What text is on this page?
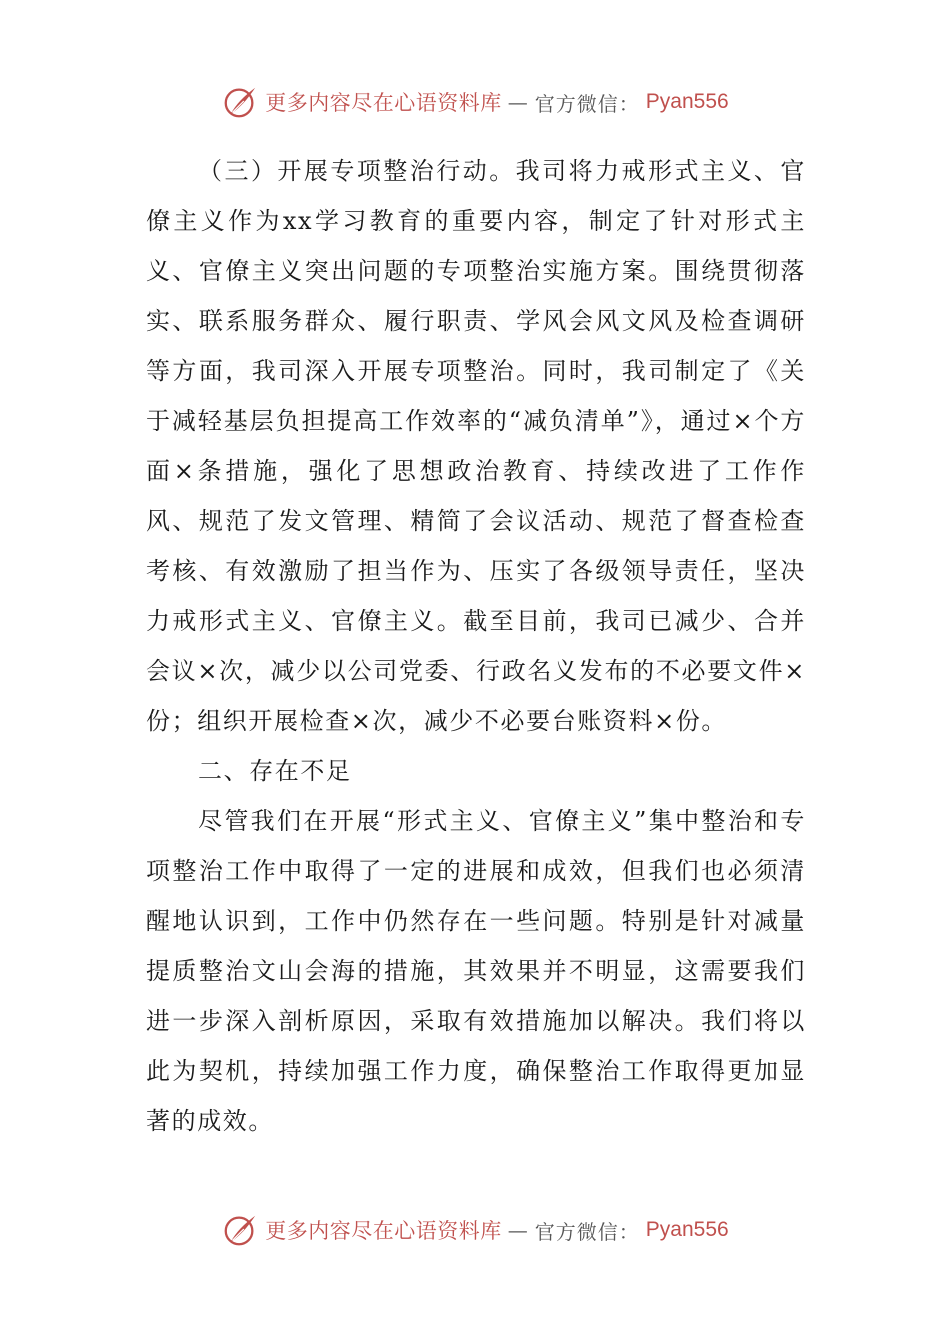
更多内容尽在心语资料库 — 官方微信： Pyan556

（三）开展专项整治行动。我司将力戒形式主义、官僚主义作为xx学习教育的重要内容，制定了针对形式主义、官僚主义突出问题的专项整治实施方案。围绕贯彻落实、联系服务群众、履行职责、学风会风文风及检查调研等方面，我司深入开展专项整治。同时，我司制定了《关于减轻基层负担提高工作效率的“减负清单”》，通过×个方面×条措施，强化了思想政治教育、持续改进了工作作风、规范了发文管理、精简了会议活动、规范了督查检查考核、有效激励了担当作为、压实了各级领导责任，坚决力戒形式主义、官僚主义。截至目前，我司已减少、合并会议×次，减少以公司党委、行政名义发布的不必要文件×份；组织开展检查×次，减少不必要台账资料×份。

二、存在不足

尽管我们在开展“形式主义、官僚主义”集中整治和专项整治工作中取得了一定的进展和成效，但我们也必须清醒地认识到，工作中仍然存在一些问题。特别是针对减量提质整治文山会海的措施，其效果并不明显，这需要我们进一步深入剖析原因，采取有效措施加以解决。我们将以此为契机，持续加强工作力度，确保整治工作取得更加显著的成效。

更多内容尽在心语资料库 — 官方微信： Pyan556
